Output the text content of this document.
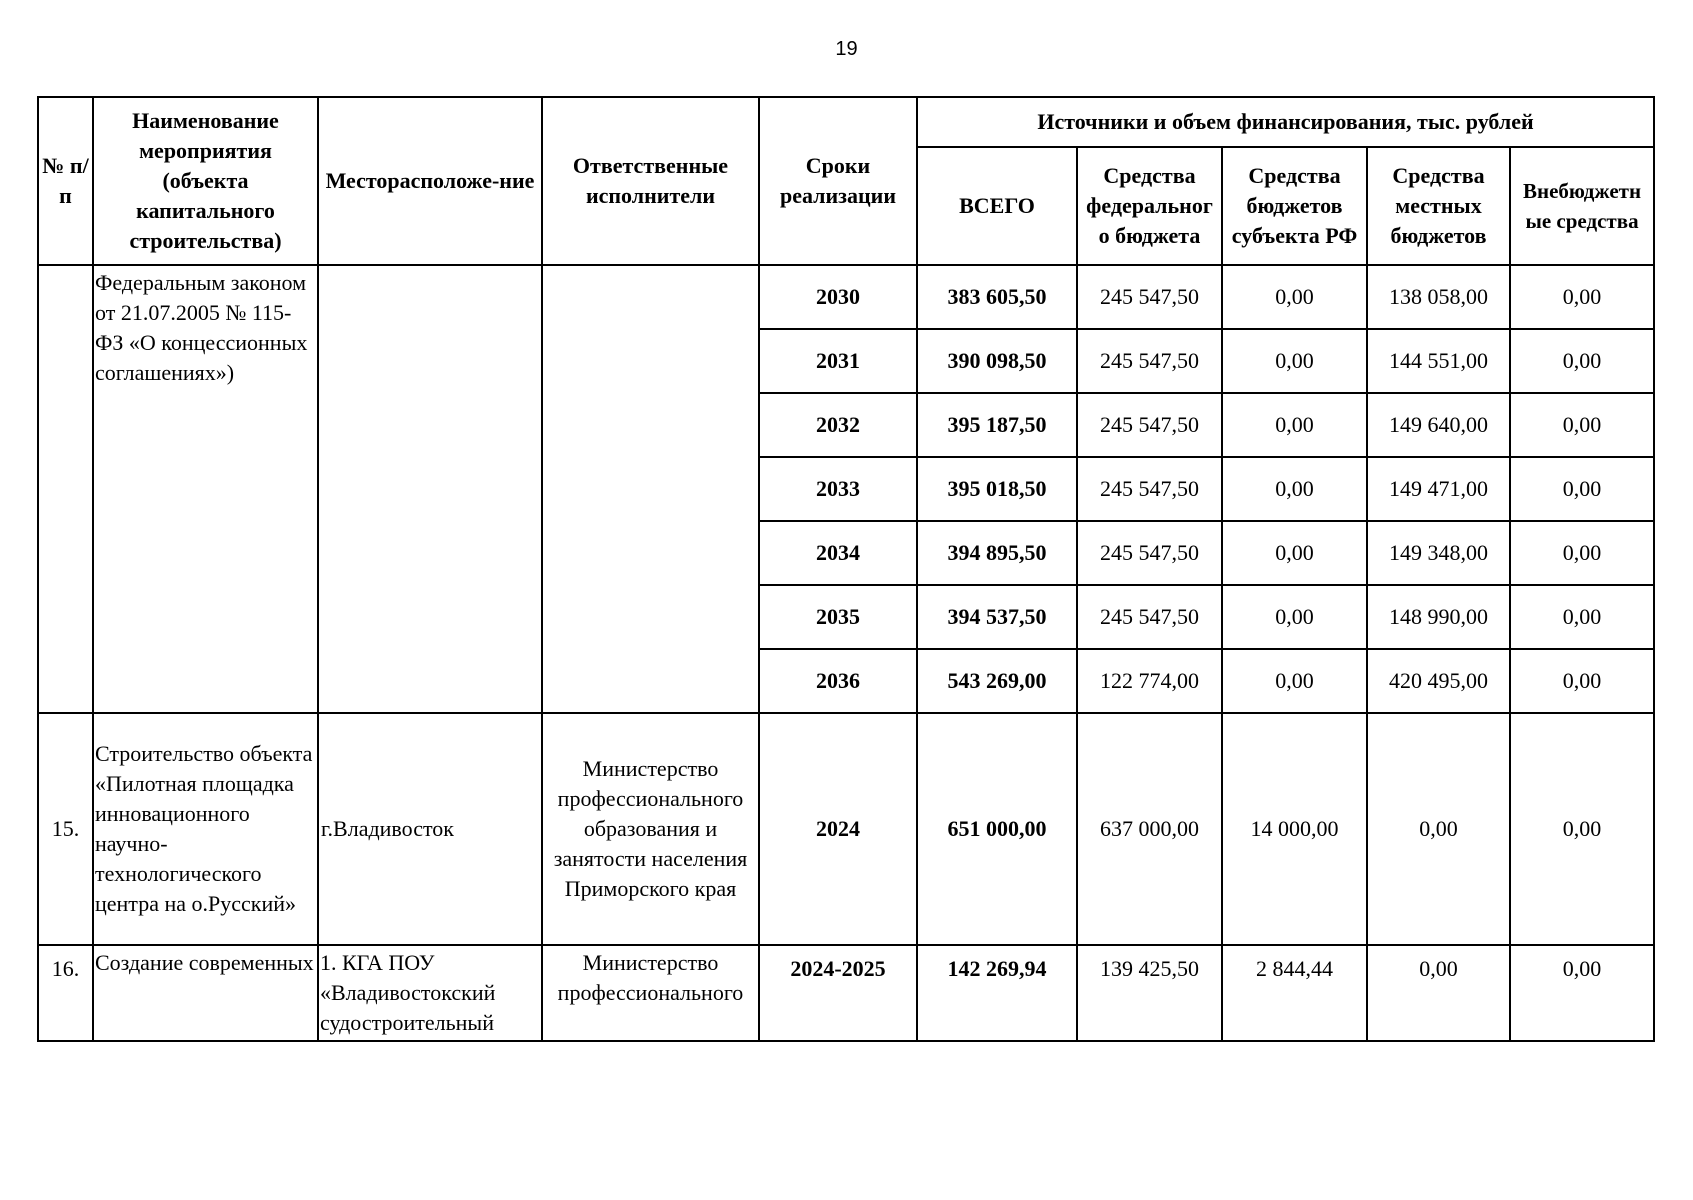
19
№ п/п	Наименование мероприятия (объекта капитального строительства)	Месторасположе-ние	Ответственные исполнители	Сроки реализации	Источники и объем финансирования, тыс. рублей				
					ВСЕГО	Средства федеральног о бюджета	Средства бюджетов субъекта РФ	Средства местных бюджетов	Внебюджетн ые средства
	Федеральным законом от 21.07.2005 № 115-ФЗ «О концессионных соглашениях»)			2030	383 605,50	245 547,50	0,00	138 058,00	0,00
				2031	390 098,50	245 547,50	0,00	144 551,00	0,00
				2032	395 187,50	245 547,50	0,00	149 640,00	0,00
				2033	395 018,50	245 547,50	0,00	149 471,00	0,00
				2034	394 895,50	245 547,50	0,00	149 348,00	0,00
				2035	394 537,50	245 547,50	0,00	148 990,00	0,00
				2036	543 269,00	122 774,00	0,00	420 495,00	0,00
15.	Строительство объекта «Пилотная площадка инновационного научно-технологического центра на о.Русский»	г.Владивосток	Министерство профессионального образования и занятости населения Приморского края	2024	651 000,00	637 000,00	14 000,00	0,00	0,00
16.	Создание современных	1. КГА ПОУ «Владивостокский судостроительный	Министерство профессионального	2024-2025	142 269,94	139 425,50	2 844,44	0,00	0,00
